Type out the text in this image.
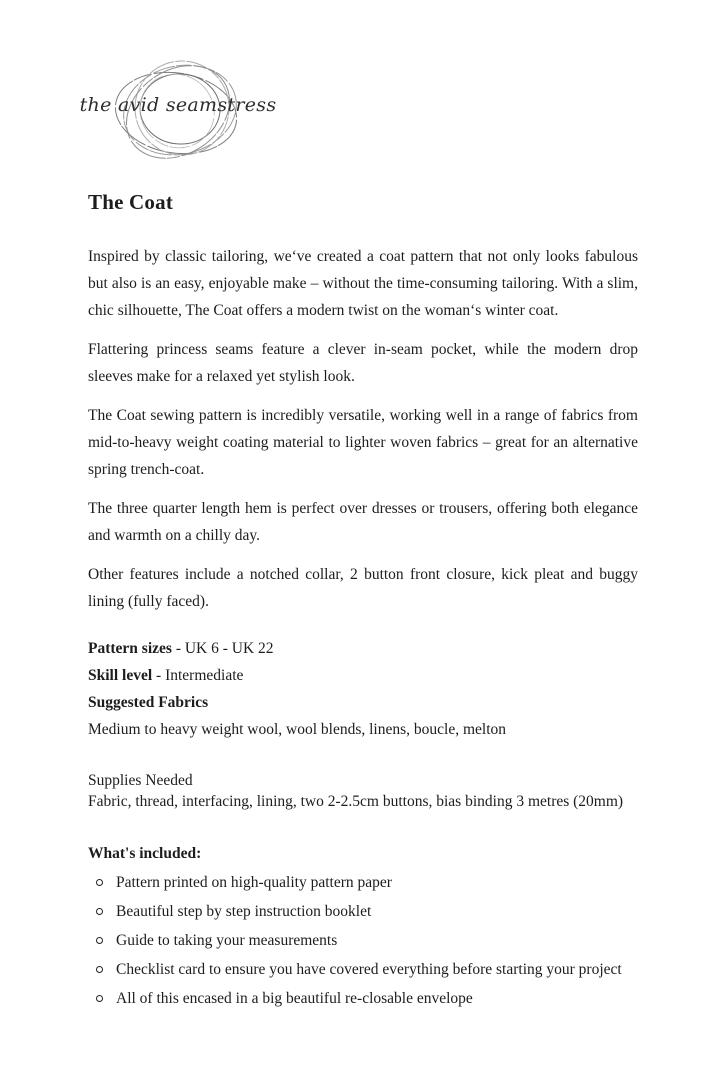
the avid seamstress
The Coat

Inspired by classic tailoring, we‘ve created a coat pattern that not only looks fabulous but also is an easy, enjoyable make – without the time-consuming tailoring. With a slim, chic silhouette, The Coat offers a modern twist on the woman‘s winter coat.

Flattering princess seams feature a clever in-seam pocket, while the modern drop sleeves make for a relaxed yet stylish look.

The Coat sewing pattern is incredibly versatile, working well in a range of fabrics from mid-to-heavy weight coating material to lighter woven fabrics – great for an alternative spring trench-coat.

The three quarter length hem is perfect over dresses or trousers, offering both elegance and warmth on a chilly day.

Other features include a notched collar, 2 button front closure, kick pleat and buggy lining (fully faced).

Pattern sizes - UK 6 - UK 22

Skill level - Intermediate

Suggested Fabrics

Medium to heavy weight wool, wool blends, linens, boucle, melton

Supplies Needed

Fabric, thread, interfacing, lining, two 2-2.5cm buttons, bias binding 3 metres (20mm)

What's included:

Pattern printed on high-quality pattern paper
Beautiful step by step instruction booklet
Guide to taking your measurements
Checklist card to ensure you have covered everything before starting your project
All of this encased in a big beautiful re-closable envelope
